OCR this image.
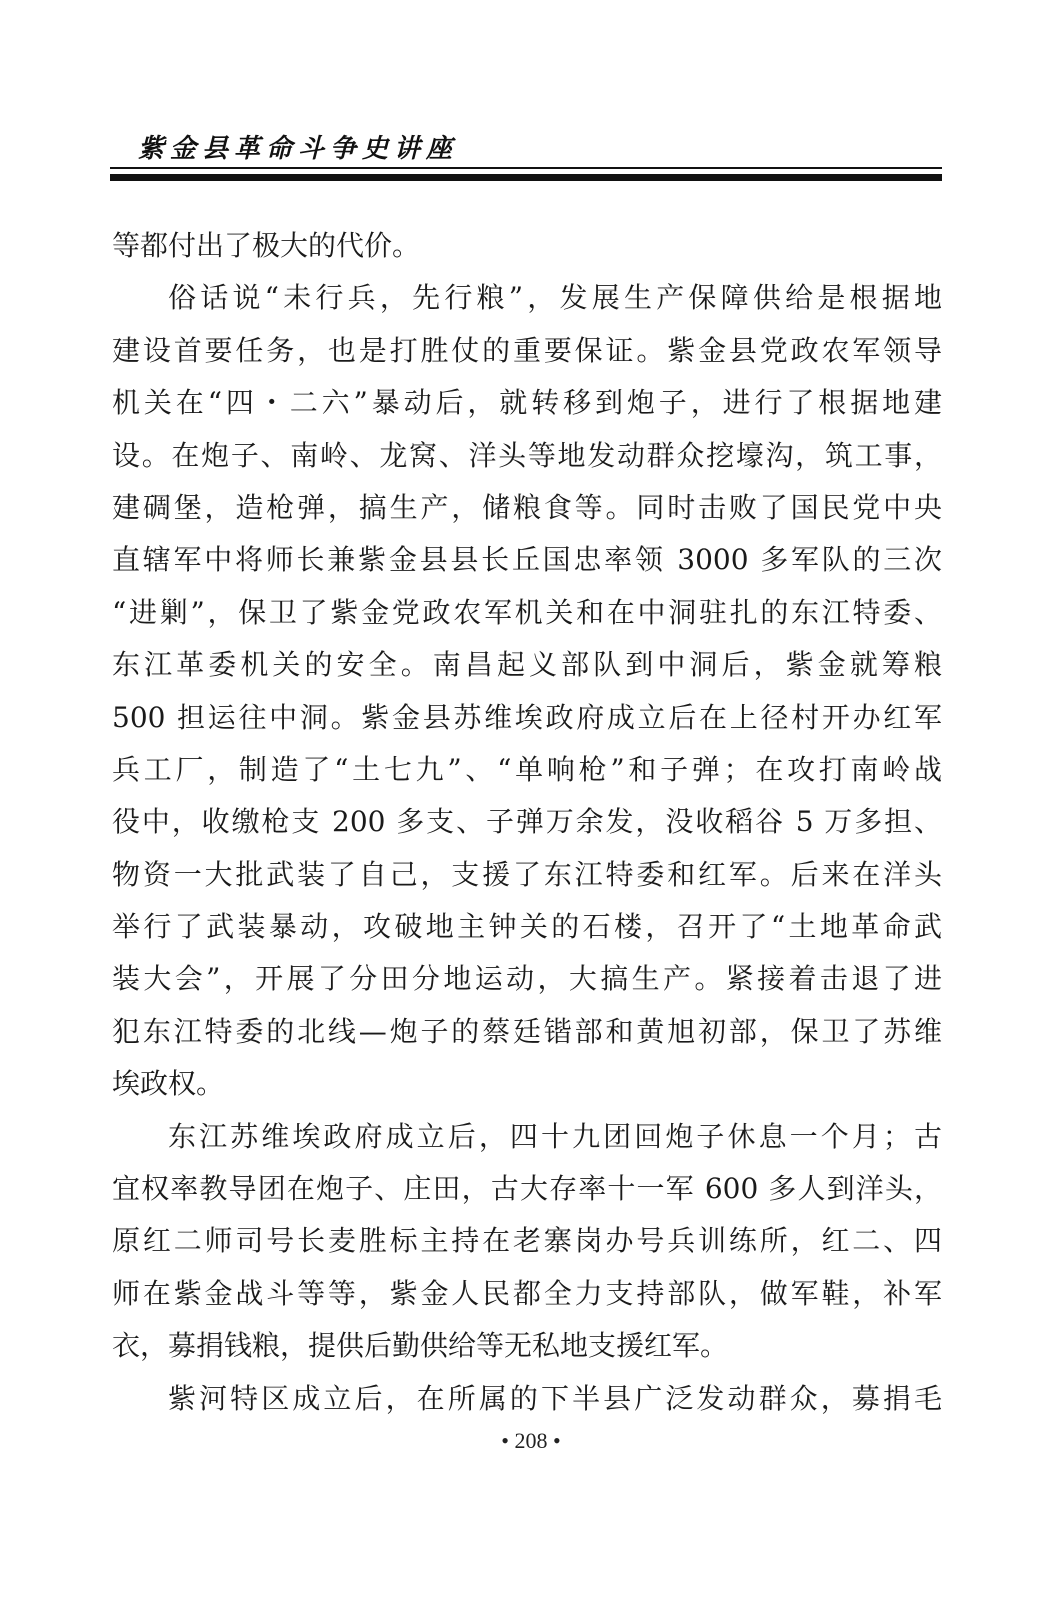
紫金县革命斗争史讲座
等都付出了极大的代价。
俗话说“未行兵，先行粮”，发展生产保障供给是根据地
建设首要任务，也是打胜仗的重要保证。紫金县党政农军领导
机关在“四・二六”暴动后，就转移到炮子，进行了根据地建
设。在炮子、南岭、龙窝、洋头等地发动群众挖壕沟，筑工事，
建碉堡，造枪弹，搞生产，储粮食等。同时击败了国民党中央
直辖军中将师长兼紫金县县长丘国忠率领 3000 多军队的三次
“进剿”，保卫了紫金党政农军机关和在中洞驻扎的东江特委、
东江革委机关的安全。南昌起义部队到中洞后，紫金就筹粮
500 担运往中洞。紫金县苏维埃政府成立后在上径村开办红军
兵工厂，制造了“土七九”、“单响枪”和子弹；在攻打南岭战
役中，收缴枪支 200 多支、子弹万余发，没收稻谷 5 万多担、
物资一大批武装了自己，支援了东江特委和红军。后来在洋头
举行了武装暴动，攻破地主钟关的石楼，召开了“土地革命武
装大会”，开展了分田分地运动，大搞生产。紧接着击退了进
犯东江特委的北线—炮子的蔡廷锴部和黄旭初部，保卫了苏维
埃政权。
东江苏维埃政府成立后，四十九团回炮子休息一个月；古
宜权率教导团在炮子、庄田，古大存率十一军 600 多人到洋头，
原红二师司号长麦胜标主持在老寨岗办号兵训练所，红二、四
师在紫金战斗等等，紫金人民都全力支持部队，做军鞋，补军
衣，募捐钱粮，提供后勤供给等无私地支援红军。
紫河特区成立后，在所属的下半县广泛发动群众，募捐毛
• 208 •
